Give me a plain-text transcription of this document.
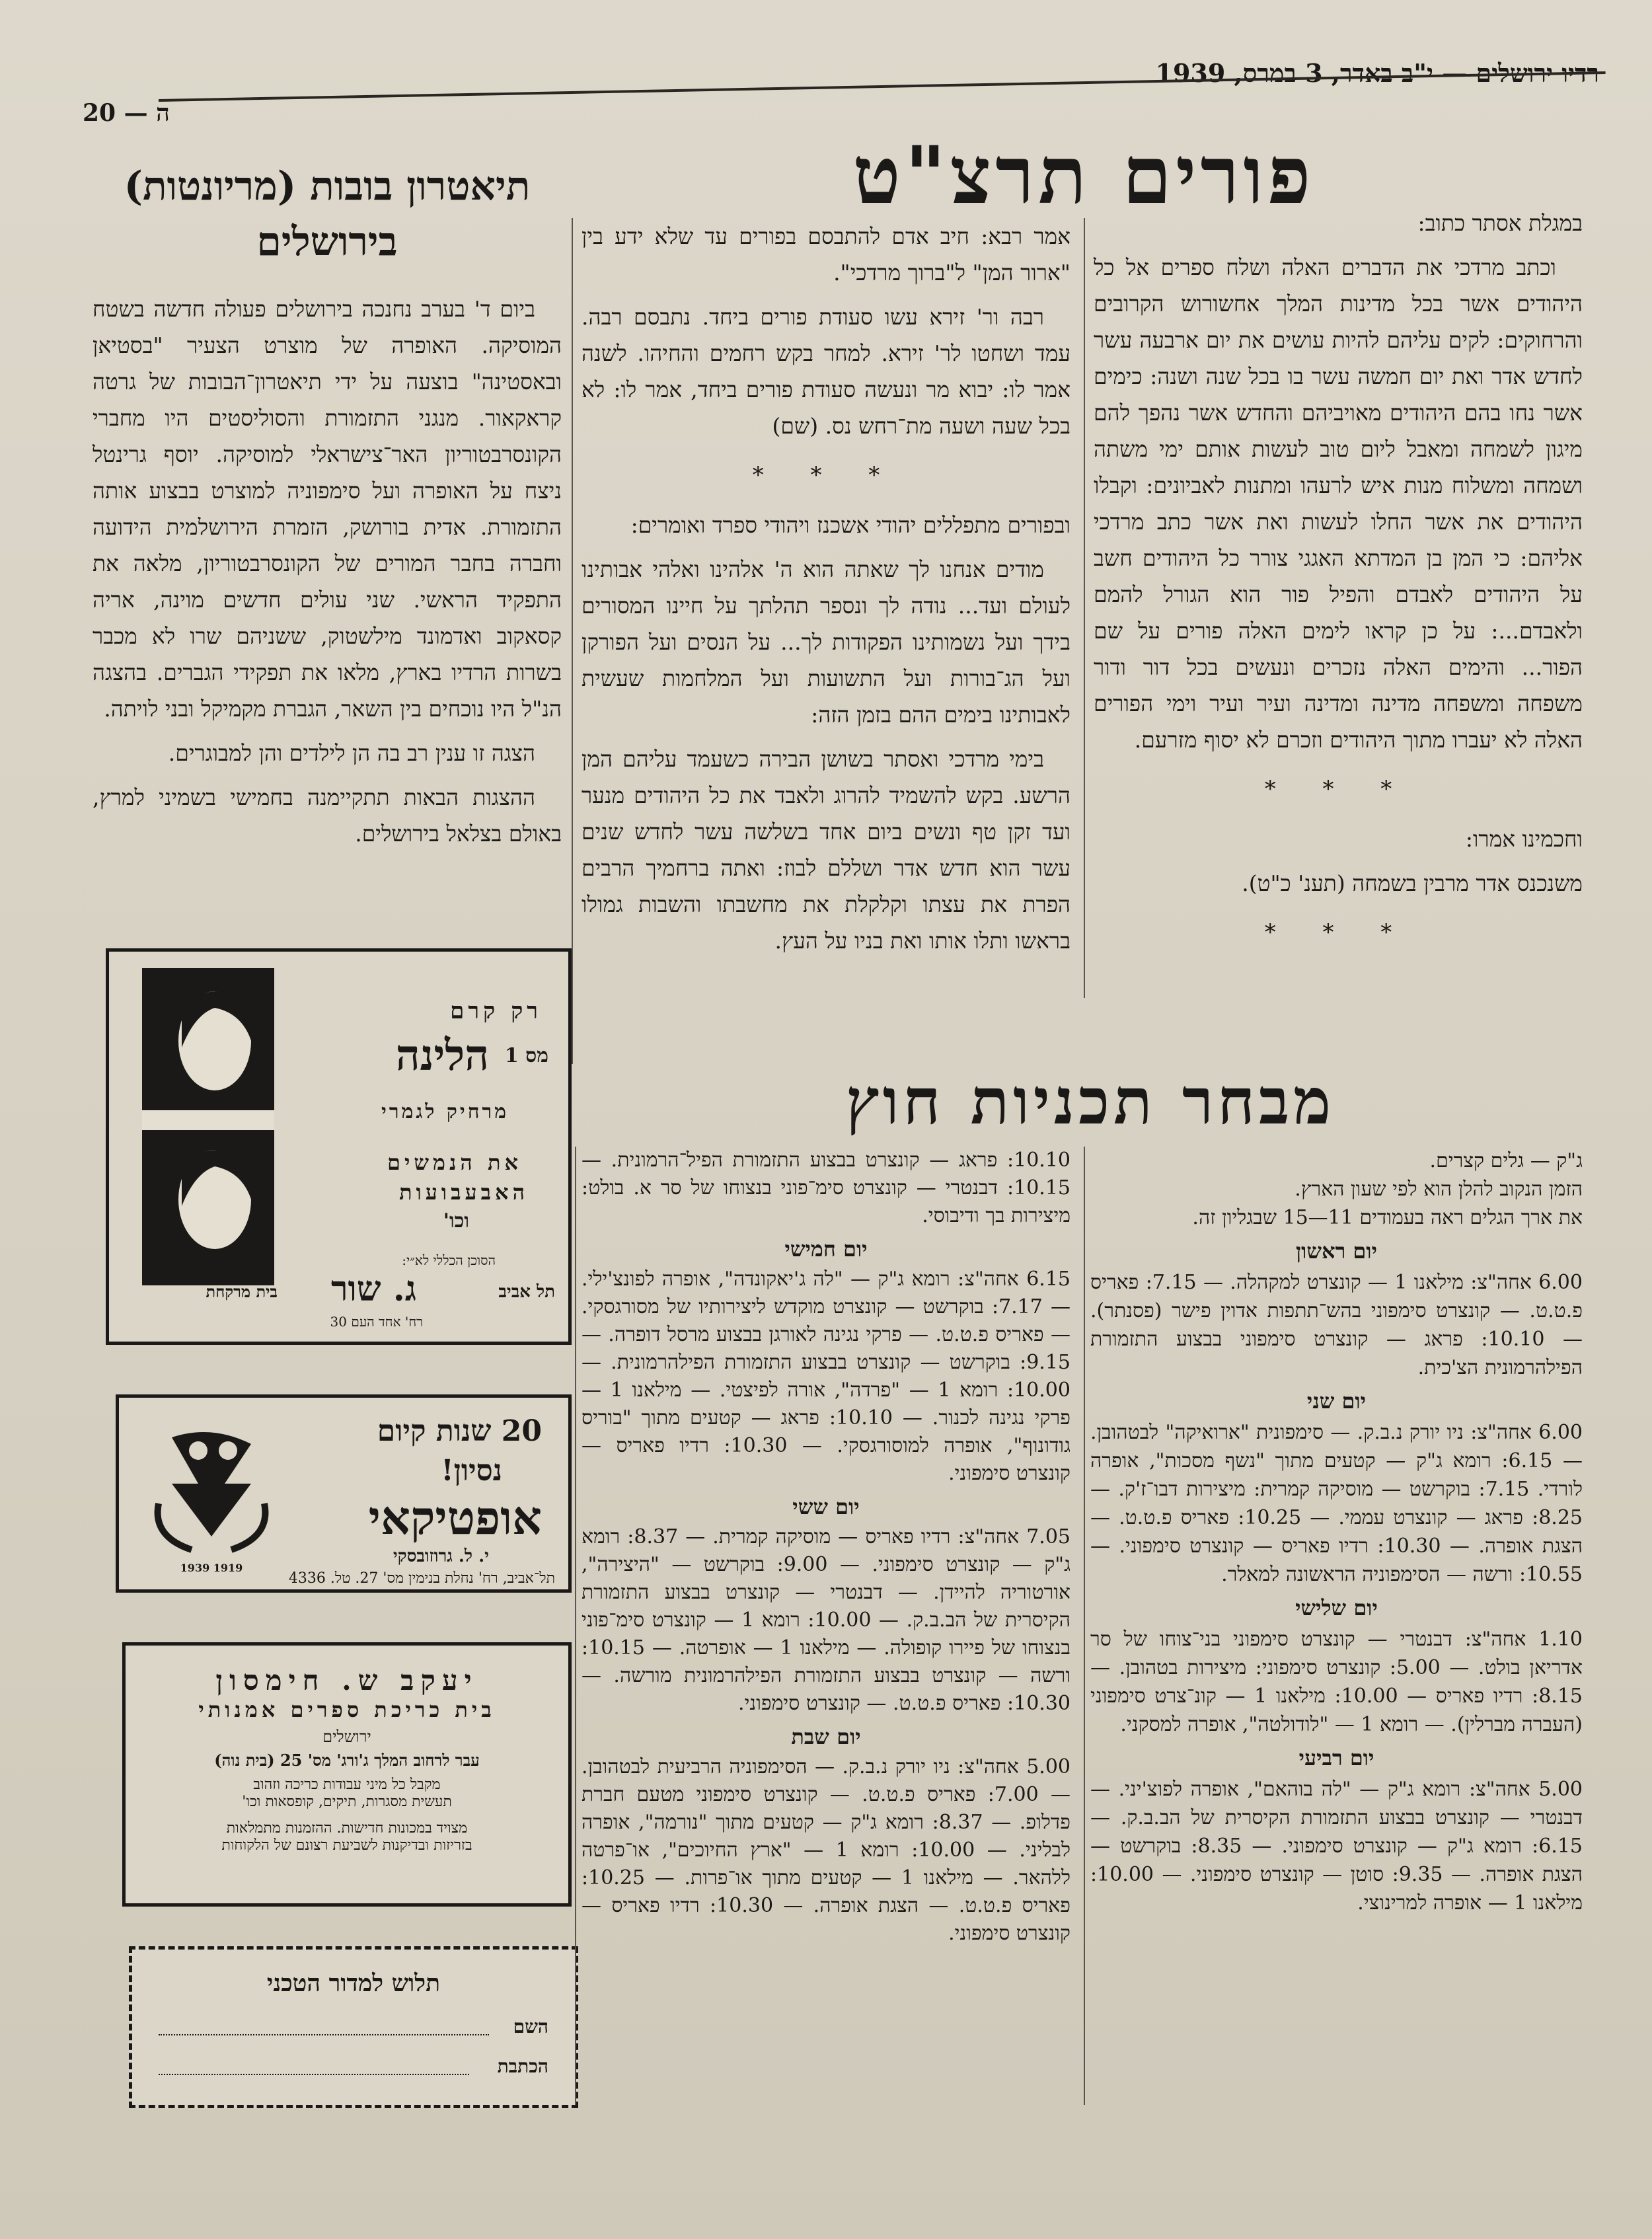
רדיו ירושלים — י"ב באדר, 3 במרס, 1939
ה — 20
פורים תרצ"ט

במגלת אסתר כתוב:

וכתב מרדכי את הדברים האלה ושלח ספרים אל כל היהודים אשר בכל מדינות המלך אחשורוש הקרובים והרחוקים: לקים עליהם להיות עושים את יום ארבעה עשר לחדש אדר ואת יום חמשה עשר בו בכל שנה ושנה: כימים אשר נחו בהם היהודים מאויביהם והחדש אשר נהפך להם מיגון לשמחה ומאבל ליום טוב לעשות אותם ימי משתה ושמחה ומשלוח מנות איש לרעהו ומתנות לאביונים: וקבלו היהודים את אשר החלו לעשות ואת אשר כתב מרדכי אליהם: כי המן בן המדתא האגגי צורר כל היהודים חשב על היהודים לאבדם והפיל פור הוא הגורל להמם ולאבדם...: על כן קראו לימים האלה פורים על שם הפור... והימים האלה נזכרים ונעשים בכל דור ודור משפחה ומשפחה מדינה ומדינה ועיר ועיר וימי הפורים האלה לא יעברו מתוך היהודים וזכרם לא יסוף מזרעם.

* * *

וחכמינו אמרו:

משנכנס אדר מרבין בשמחה (תענ' כ"ט).

* * *

אמר רבא: חיב אדם להתבסם בפורים עד שלא ידע בין "ארור המן" ל"ברוך מרדכי".

רבה ור' זירא עשו סעודת פורים ביחד. נתבסם רבה. עמד ושחטו לר' זירא. למחר בקש רחמים והחיהו. לשנה אמר לו: יבוא מר ונעשה סעודת פורים ביחד, אמר לו: לא בכל שעה ושעה מת־רחש נס. (שם)

* * *

ובפורים מתפללים יהודי אשכנז ויהודי ספרד ואומרים:

מודים אנחנו לך שאתה הוא ה' אלהינו ואלהי אבותינו לעולם ועד... נודה לך ונספר תהלתך על חיינו המסורים בידך ועל נשמותינו הפקודות לך... על הנסים ועל הפורקן ועל הג־בורות ועל התשועות ועל המלחמות שעשית לאבותינו בימים ההם בזמן הזה:

בימי מרדכי ואסתר בשושן הבירה כשעמד עליהם המן הרשע. בקש להשמיד להרוג ולאבד את כל היהודים מנער ועד זקן טף ונשים ביום אחד בשלשה עשר לחדש שנים עשר הוא חדש אדר ושללם לבוז: ואתה ברחמיך הרבים הפרת את עצתו וקלקלת את מחשבתו והשבות גמולו בראשו ותלו אותו ואת בניו על העץ.

תיאטרון בובות (מריונטות)
בירושלים

ביום ד' בערב נחנכה בירושלים פעולה חדשה בשטח המוסיקה. האופרה של מוצרט הצעיר "בסטיאן ובאסטינה" בוצעה על ידי תיאטרון־הבובות של גרטה קראקאור. מנגני התזמורת והסוליסטים היו מחברי הקונסרבטוריון האר־צישראלי למוסיקה. יוסף גרינטל ניצח על האופרה ועל סימפוניה למוצרט בבצוע אותה התזמורת. אדית בורושק, הזמרת הירושלמית הידועה וחברה בחבר המורים של הקונסרבטוריון, מלאה את התפקיד הראשי. שני עולים חדשים מוינה, אריה קסאקוב ואדמונד מילשטוק, ששניהם שרו לא מכבר בשרות הרדיו בארץ, מלאו את תפקידי הגברים. בהצגה הנ"ל היו נוכחים בין השאר, הגברת מקמיקל ובני לויתה.

הצגה זו ענין רב בה הן לילדים והן למבוגרים.

ההצגות הבאות תתקיימנה בחמישי בשמיני למרץ, באולם בצלאל בירושלים.

רק קרם
הלינה מס 1
מרחיק לגמרי
את הנמשים
האבעבועות
וכו'
הסוכן הכללי לא״י:
בית מרקחת ג. שור	תל אביב
רח' אחד העם 30
1919 1939
20 שנות קיום
נסיון!
אופטיקאי
י. ל. גרוזובסקי
תל־אביב, רח' נחלת בנימין מס' 27. טל. 4336
יעקב ש. חימסון
בית כריכת ספרים אמנותי
ירושלים
עבר לרחוב המלך ג'ורג' מס' 25 (בית נוה)
מקבל כל מיני עבודות כריכה וזהוב
תעשית מסגרות, תיקים, קופסאות וכו'
מצויד במכונות חדישות. ההזמנות מתמלאות
בזריזות ובדיקנות לשביעת רצונם של הלקוחות
תלוש למדור הטכני
השם
הכתבת
מבחר תכניות חוץ
ג"ק — גלים קצרים.
הזמן הנקוב להלן הוא לפי שעון הארץ.
את ארך הגלים ראה בעמודים 11—15 שבגליון זה.
יום ראשון
6.00 אחה"צ: מילאנו 1 — קונצרט למקהלה. — 7.15: פאריס פ.ט.ט. — קונצרט סימפוני בהש־תתפות אדוין פישר (פסנתר). — 10.10: פראג — קונצרט סימפוני בבצוע התזמורת הפילהרמונית הצ'כית.
יום שני
6.00 אחה"צ: ניו יורק נ.ב.ק. — סימפונית "ארואיקה" לבטהובן. — 6.15: רומא ג"ק — קטעים מתוך "נשף מסכות", אופרה לורדי. 7.15: בוקרשט — מוסיקה קמרית: מיצירות דבו־ז'ק. — 8.25: פראג — קונצרט עממי. — 10.25: פאריס פ.ט.ט. — הצגת אופרה. — 10.30: רדיו פאריס — קונצרט סימפוני. — 10.55: ורשה — הסימפוניה הראשונה למאלר.
יום שלישי
1.10 אחה"צ: דבנטרי — קונצרט סימפוני בני־צוחו של סר אדריאן בולט. — 5.00: קונצרט סימפוני: מיצירות בטהובן. — 8.15: רדיו פאריס — 10.00: מילאנו 1 — קונ־צרט סימפוני (העברה מברלין). — רומא 1 — "לודולטה", אופרה למסקני.
יום רביעי
5.00 אחה"צ: רומא ג"ק — "לה בוהאם", אופרה לפוצ'יני. — דבנטרי — קונצרט בבצוע התזמורת הקיסרית של הב.ב.ק. — 6.15: רומא ג"ק — קונצרט סימפוני. — 8.35: בוקרשט — הצגת אופרה. — 9.35: סוטן — קונצרט סימפוני. — 10.00: מילאנו 1 — אופרה למרינוצי.
10.10: פראג — קונצרט בבצוע התזמורת הפיל־הרמונית. — 10.15: דבנטרי — קונצרט סימ־פוני בנצוחו של סר א. בולט: מיצירות בך ודיבוסי.
יום חמישי
6.15 אחה"צ: רומא ג"ק — "לה ג'יאקונדה", אופרה לפונצ'ילי. — 7.17: בוקרשט — קונצרט מוקדש ליצירותיו של מסורגסקי. — פאריס פ.ט.ט. — פרקי נגינה לאורגן בבצוע מרסל דופרה. — 9.15: בוקרשט — קונצרט בבצוע התזמורת הפילהרמונית. — 10.00: רומא 1 — "פרדה", אורה לפיצטי. — מילאנו 1 — פרקי נגינה לכנור. — 10.10: פראג — קטעים מתוך "בוריס גודונוף", אופרה למוסורגסקי. — 10.30: רדיו פאריס — קונצרט סימפוני.
יום ששי
7.05 אחה"צ: רדיו פאריס — מוסיקה קמרית. — 8.37: רומא ג"ק — קונצרט סימפוני. — 9.00: בוקרשט — "היצירה", אורטוריה להיידן. — דבנטרי — קונצרט בבצוע התזמורת הקיסרית של הב.ב.ק. — 10.00: רומא 1 — קונצרט סימ־פוני בנצוחו של פיירו קופולה. — מילאנו 1 — אופרטה. — 10.15: ורשה — קונצרט בבצוע התזמורת הפילהרמונית מורשה. — 10.30: פאריס פ.ט.ט. — קונצרט סימפוני.
יום שבת
5.00 אחה"צ: ניו יורק נ.ב.ק. — הסימפוניה הרביעית לבטהובן. — 7.00: פאריס פ.ט.ט. — קונצרט סימפוני מטעם חברת פדלופ. — 8.37: רומא ג"ק — קטעים מתוך "נורמה", אופרה לבליני. — 10.00: רומא 1 — "ארץ החיוכים", או־פרטה ללהאר. — מילאנו 1 — קטעים מתוך או־פרות. — 10.25: פאריס פ.ט.ט. — הצגת אופרה. — 10.30: רדיו פאריס — קונצרט סימפוני.
